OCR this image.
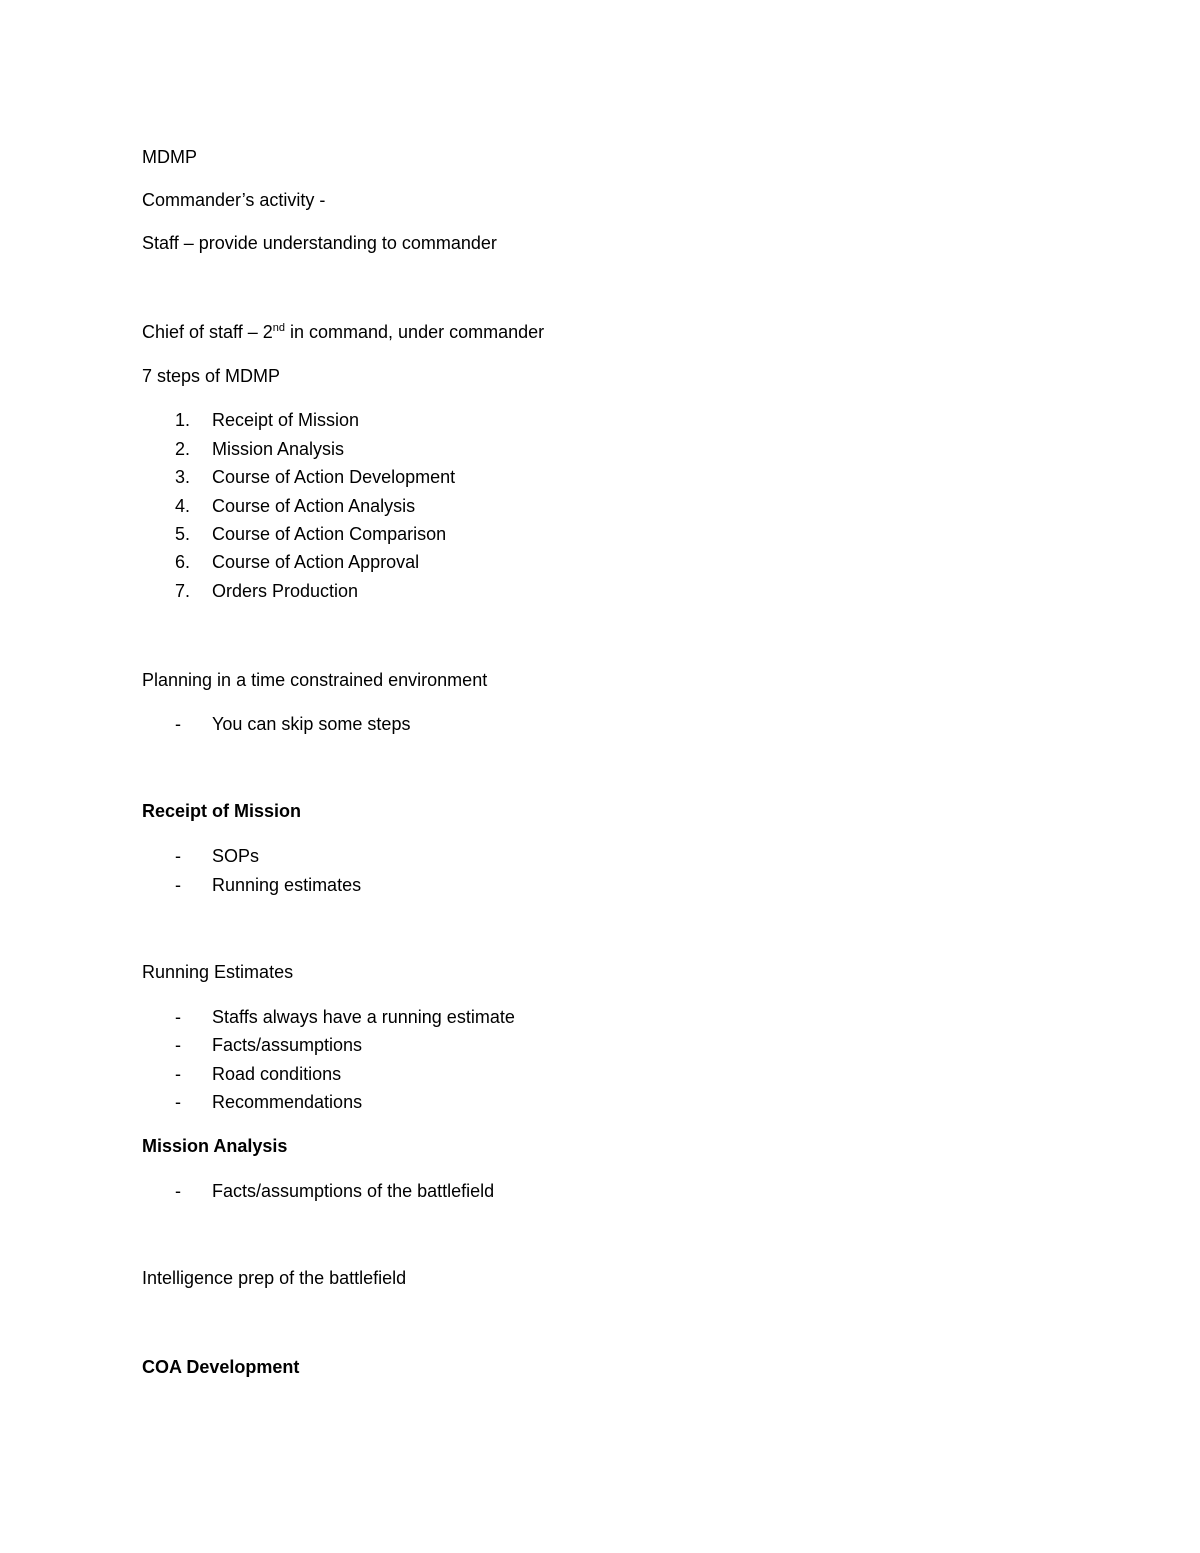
MDMP
Commander’s activity -
Staff – provide understanding to commander
Chief of staff – 2nd in command, under commander
7 steps of MDMP
1. Receipt of Mission
2. Mission Analysis
3. Course of Action Development
4. Course of Action Analysis
5. Course of Action Comparison
6. Course of Action Approval
7. Orders Production
Planning in a time constrained environment
- You can skip some steps
Receipt of Mission
- SOPs
- Running estimates
Running Estimates
- Staffs always have a running estimate
- Facts/assumptions
- Road conditions
- Recommendations
Mission Analysis
- Facts/assumptions of the battlefield
Intelligence prep of the battlefield
COA Development
